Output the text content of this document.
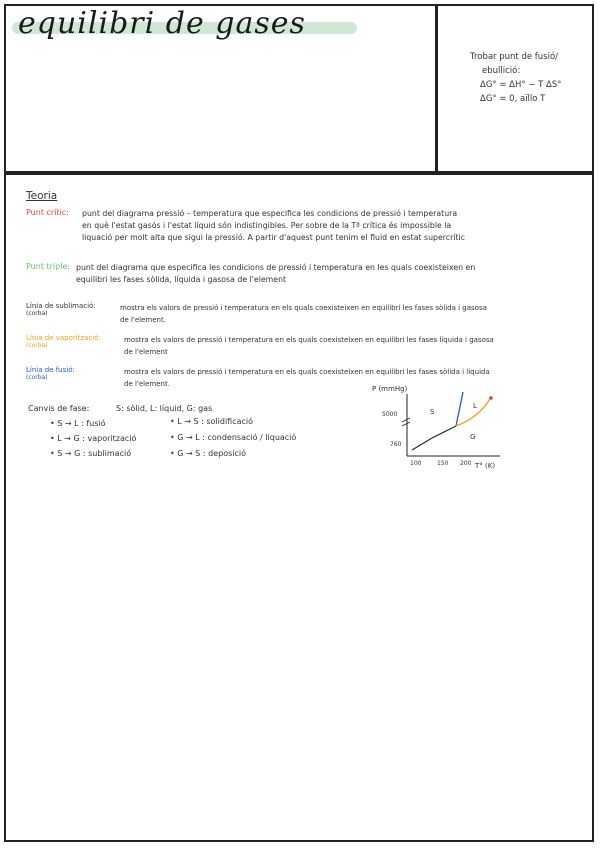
equilibri de gases
Trobar punt de fusió/
ebullició:
ΔG° = ΔH° − T ΔS°
ΔG° = 0, aïllo T
Teoria
Punt crític: punt del diagrama pressió – temperatura que especifica les condicions de pressió i temperatura
en què l'estat gasós i l'estat líquid són indistingibles. Per sobre de la Tª crítica és impossible la
liquació per molt alta que sigui la pressió. A partir d'aquest punt tenim el fluid en estat supercrític
Punt triple: punt del diagrama que especifica les condicions de pressió i temperatura en les quals coexisteixen en
equilibri les fases sòlida, líquida i gasosa de l'element
Línia de sublimació:
(corba)
mostra els valors de pressió i temperatura en els quals coexisteixen en equilibri les fases sòlida i gasosa
de l'element.
Línia de vaporització:
(corba)
mostra els valors de pressió i temperatura en els quals coexisteixen en equilibri les fases líquida i gasosa
de l'element
Línia de fusió:
(corba)
mostra els valors de pressió i temperatura en els quals coexisteixen en equilibri les fases sòlida i líquida
de l'element.
Canvis de fase:	S: sòlid, L: líquid, G: gas
• S → L : fusió
• L → G : vaporització
• S → G : sublimació
• L → S : solidificació
• G → L : condensació / liquació
• G → S : deposició
P (mmHg)
5000
760
100	150 200 T° (K)
S
L
G
